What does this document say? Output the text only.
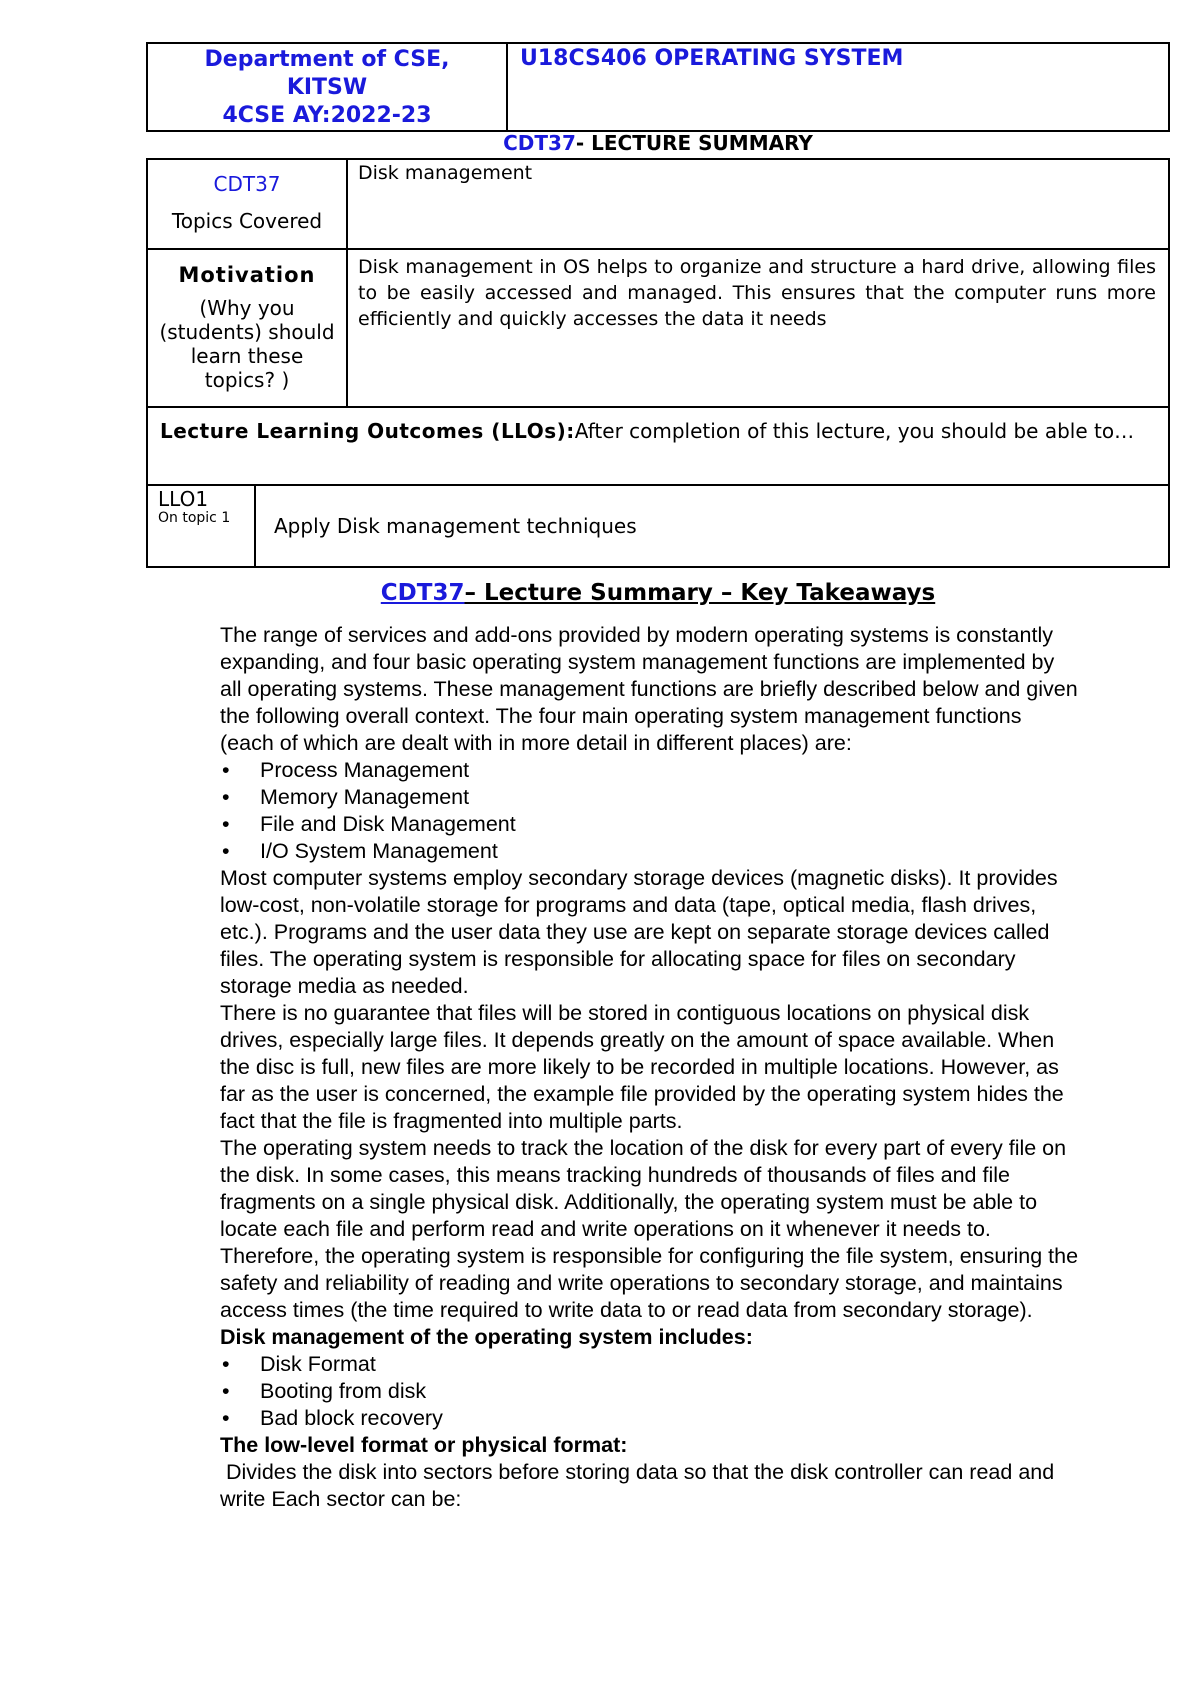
Department of CSE,
KITSW
4CSE AY:2022-23
	U18CS406 OPERATING SYSTEM
CDT37- LECTURE SUMMARY
CDT37
Topics Covered	Disk management

Motivation
(Why you (students) should learn these topics? )	Disk management in OS helps to organize and structure a hard drive, allowing files to be easily accessed and managed. This ensures that the computer runs more efficiently and quickly accesses the data it needs
Lecture Learning Outcomes (LLOs):After completion of this lecture, you should be able to…	
LLO1
On topic 1	Apply Disk management techniques
CDT37– Lecture Summary – Key Takeaways

The range of services and add-ons provided by modern operating systems is constantly expanding, and four basic operating system management functions are implemented by all operating systems. These management functions are briefly described below and given the following overall context. The four main operating system management functions (each of which are dealt with in more detail in different places) are:

• Process Management
• Memory Management
• File and Disk Management
• I/O System Management

Most computer systems employ secondary storage devices (magnetic disks). It provides low-cost, non-volatile storage for programs and data (tape, optical media, flash drives, etc.). Programs and the user data they use are kept on separate storage devices called files. The operating system is responsible for allocating space for files on secondary storage media as needed.

There is no guarantee that files will be stored in contiguous locations on physical disk drives, especially large files. It depends greatly on the amount of space available. When the disc is full, new files are more likely to be recorded in multiple locations. However, as far as the user is concerned, the example file provided by the operating system hides the fact that the file is fragmented into multiple parts.

The operating system needs to track the location of the disk for every part of every file on the disk. In some cases, this means tracking hundreds of thousands of files and file fragments on a single physical disk. Additionally, the operating system must be able to locate each file and perform read and write operations on it whenever it needs to. Therefore, the operating system is responsible for configuring the file system, ensuring the safety and reliability of reading and write operations to secondary storage, and maintains access times (the time required to write data to or read data from secondary storage).

Disk management of the operating system includes:

• Disk Format
• Booting from disk
• Bad block recovery

The low-level format or physical format:

Divides the disk into sectors before storing data so that the disk controller can read and write Each sector can be:
